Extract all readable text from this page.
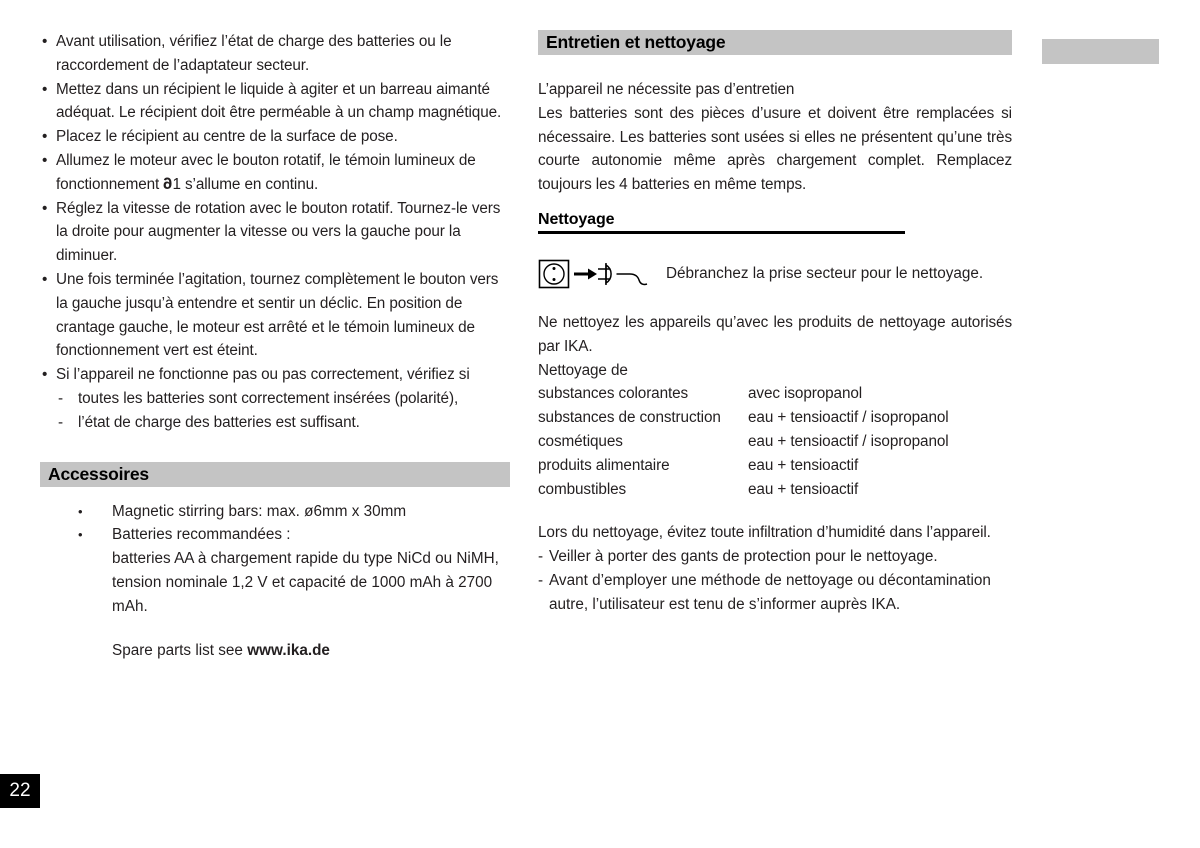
• Avant utilisation, vérifiez l’état de charge des batteries ou le raccordement de l’adaptateur secteur.
• Mettez dans un récipient le liquide à agiter et un barreau aimanté adéquat. Le récipient doit être perméable à un champ magnétique.
• Placez le récipient au centre de la surface de pose.
• Allumez le moteur avec le bouton rotatif, le témoin lumineux de fonctionnement 61 s’allume en continu.
• Réglez la vitesse de rotation avec le bouton rotatif. Tournez-le vers la droite pour augmenter la vitesse ou vers la gauche pour la diminuer.
• Une fois terminée l’agitation, tournez complètement le bouton vers la gauche jusqu’à entendre et sentir un déclic. En position de crantage gauche, le moteur est arrêté et le témoin lumineux de fonctionnement vert est éteint.
• Si l’appareil ne fonctionne pas ou pas correctement, vérifiez si
- toutes les batteries sont correctement insérées (polarité),
- l’état de charge des batteries est suffisant.
Accessoires
• Magnetic stirring bars: max. ø6mm x 30mm
• Batteries recommandées :
batteries AA à chargement rapide du type NiCd ou NiMH, tension nominale 1,2 V et capacité de 1000 mAh à 2700 mAh.
Spare parts list see www.ika.de
Entretien et nettoyage
L’appareil ne nécessite pas d’entretien
Les batteries sont des pièces d’usure et doivent être remplacées si nécessaire. Les batteries sont usées si elles ne présentent qu’une très courte autonomie même après chargement complet. Remplacez toujours les 4 batteries en même temps.
Nettoyage
Débranchez la prise secteur pour le nettoyage.
Ne nettoyez les appareils qu’avec les produits de nettoyage autorisés par IKA.
Nettoyage de
substances colorantes	avec isopropanol
substances de construction	eau + tensioactif / isopropanol
cosmétiques	eau + tensioactif / isopropanol
produits alimentaire	eau + tensioactif
combustibles	eau + tensioactif
Lors du nettoyage, évitez toute infiltration d’humidité dans l’appareil.
- Veiller à porter des gants de protection pour le nettoyage.
- Avant d’employer une méthode de nettoyage ou décontamination autre, l’utilisateur est tenu de s’informer auprès IKA.
22
